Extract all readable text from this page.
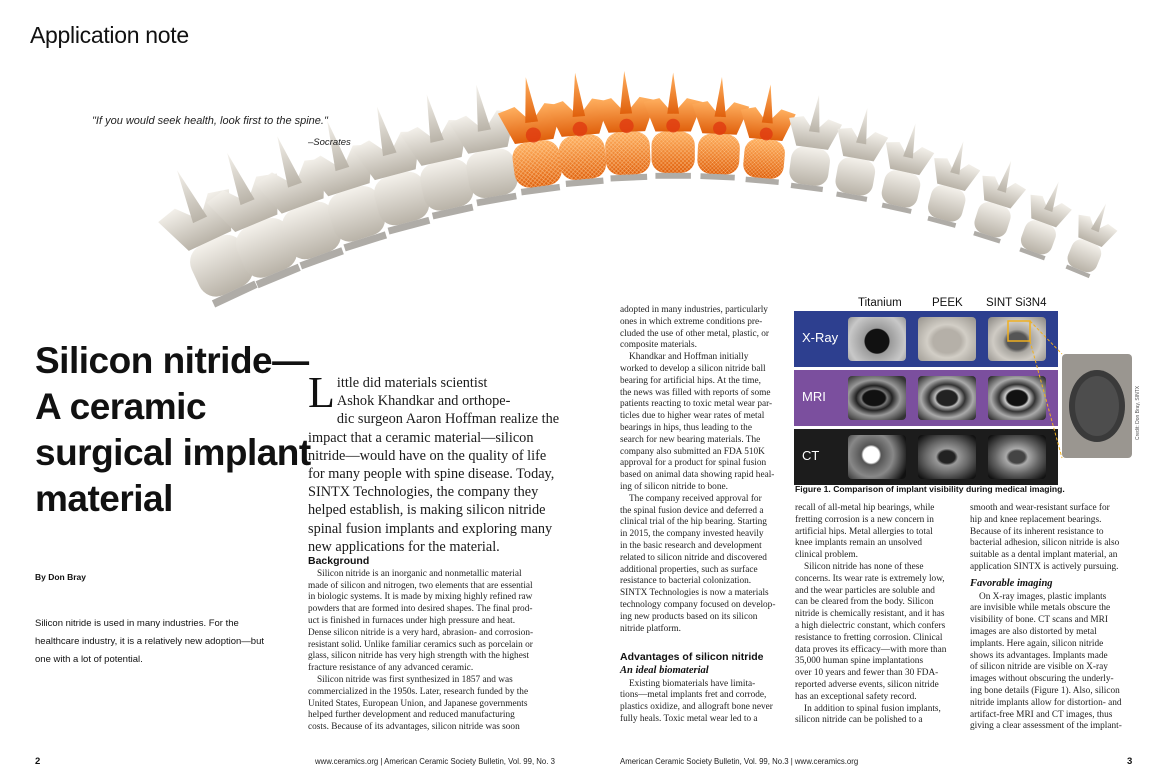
Application note
"If you would seek health, look first to the spine."
–Socrates
Silicon nitride—
A ceramic
surgical implant
material
By Don Bray

Silicon nitride is used in many industries. For the healthcare industry, it is a relatively new adoption—but one with a lot of potential.

L ittle did materials scientist
Ashok Khandkar and orthope-
dic surgeon Aaron Hoffman realize the
impact that a ceramic material—silicon
nitride—would have on the quality of life
for many people with spine disease. Today,
SINTX Technologies, the company they
helped establish, is making silicon nitride
spinal fusion implants and exploring many
new applications for the material.
Background
Silicon nitride is an inorganic and nonmetallic material
made of silicon and nitrogen, two elements that are essential
in biologic systems. It is made by mixing highly refined raw
powders that are formed into desired shapes. The final prod-
uct is finished in furnaces under high pressure and heat.
Dense silicon nitride is a very hard, abrasion- and corrosion-
resistant solid. Unlike familiar ceramics such as porcelain or
glass, silicon nitride has very high strength with the highest
fracture resistance of any advanced ceramic.
Silicon nitride was first synthesized in 1857 and was
commercialized in the 1950s. Later, research funded by the
United States, European Union, and Japanese governments
helped further development and reduced manufacturing
costs. Because of its advantages, silicon nitride was soon
adopted in many industries, particularly
ones in which extreme conditions pre-
cluded the use of other metal, plastic, or
composite materials.
Khandkar and Hoffman initially
worked to develop a silicon nitride ball
bearing for artificial hips. At the time,
the news was filled with reports of some
patients reacting to toxic metal wear par-
ticles due to higher wear rates of metal
bearings in hips, thus leading to the
search for new bearing materials. The
company also submitted an FDA 510K
approval for a product for spinal fusion
based on animal data showing rapid heal-
ing of silicon nitride to bone.
The company received approval for
the spinal fusion device and deferred a
clinical trial of the hip bearing. Starting
in 2015, the company invested heavily
in the basic research and development
related to silicon nitride and discovered
additional properties, such as surface
resistance to bacterial colonization.
SINTX Technologies is now a materials
technology company focused on develop-
ing new products based on its silicon
nitride platform.
Advantages of silicon nitride
An ideal biomaterial
Existing biomaterials have limita-
tions—metal implants fret and corrode,
plastics oxidize, and allograft bone never
fully heals. Toxic metal wear led to a
recall of all-metal hip bearings, while
fretting corrosion is a new concern in
artificial hips. Metal allergies to total
knee implants remain an unsolved
clinical problem.
Silicon nitride has none of these
concerns. Its wear rate is extremely low,
and the wear particles are soluble and
can be cleared from the body. Silicon
nitride is chemically resistant, and it has
a high dielectric constant, which confers
resistance to fretting corrosion. Clinical
data proves its efficacy—with more than
35,000 human spine implantations
over 10 years and fewer than 30 FDA-
reported adverse events, silicon nitride
has an exceptional safety record.
In addition to spinal fusion implants,
silicon nitride can be polished to a
smooth and wear-resistant surface for
hip and knee replacement bearings.
Because of its inherent resistance to
bacterial adhesion, silicon nitride is also
suitable as a dental implant material, an
application SINTX is actively pursuing.
Favorable imaging
On X-ray images, plastic implants
are invisible while metals obscure the
visibility of bone. CT scans and MRI
images are also distorted by metal
implants. Here again, silicon nitride
shows its advantages. Implants made
of silicon nitride are visible on X-ray
images without obscuring the underly-
ing bone details (Figure 1). Also, silicon
nitride implants allow for distortion- and
artifact-free MRI and CT images, thus
giving a clear assessment of the implant-
Titanium	PEEK SINT Si3N4
X-Ray
MRI
CT
Figure 1. Comparison of implant visibility during medical imaging.
Credit: Don Bray, SINTX
2	www.ceramics.org | American Ceramic Society Bulletin, Vol. 99, No. 3	American Ceramic Society Bulletin, Vol. 99, No.3 | www.ceramics.org	3
